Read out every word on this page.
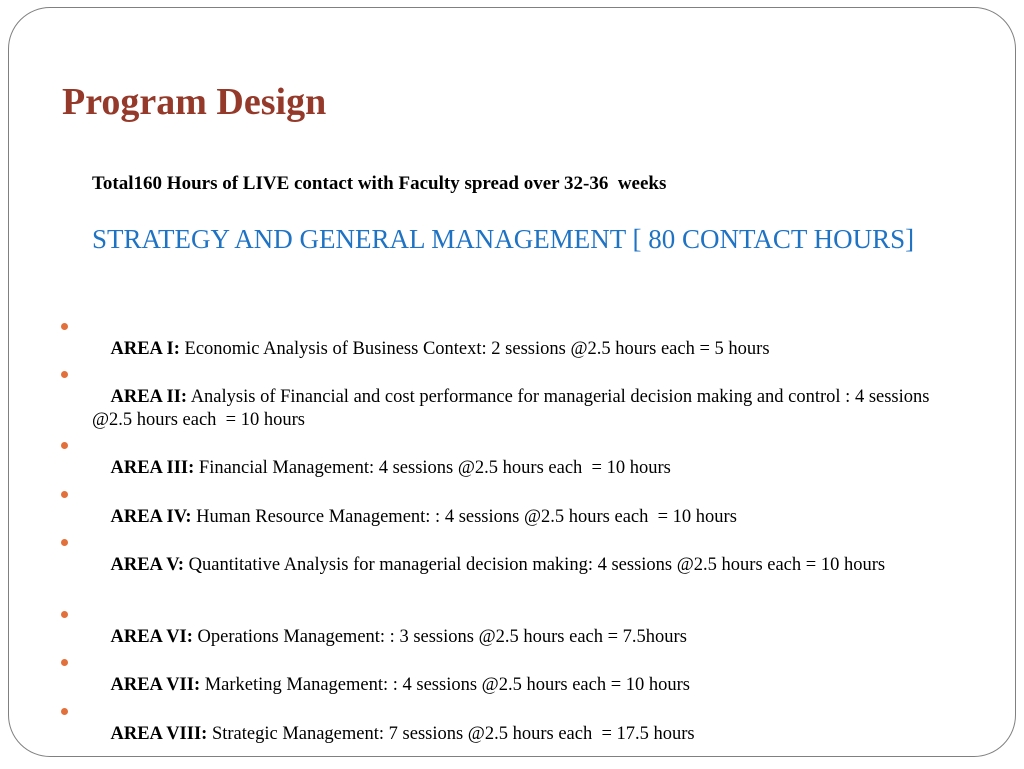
Program Design

Total160 Hours of LIVE contact with Faculty spread over 32-36  weeks

STRATEGY AND GENERAL MANAGEMENT [ 80 CONTACT HOURS]

AREA I: Economic Analysis of Business Context: 2 sessions @2.5 hours each = 5 hours

AREA II: Analysis of Financial and cost performance for managerial decision making and control : 4 sessions @2.5 hours each  = 10 hours

AREA III: Financial Management: 4 sessions @2.5 hours each  = 10 hours

AREA IV: Human Resource Management: : 4 sessions @2.5 hours each  = 10 hours

AREA V: Quantitative Analysis for managerial decision making: 4 sessions @2.5 hours each = 10 hours

AREA VI: Operations Management: : 3 sessions @2.5 hours each = 7.5hours

AREA VII: Marketing Management: : 4 sessions @2.5 hours each = 10 hours

AREA VIII: Strategic Management: 7 sessions @2.5 hours each  = 17.5 hours
